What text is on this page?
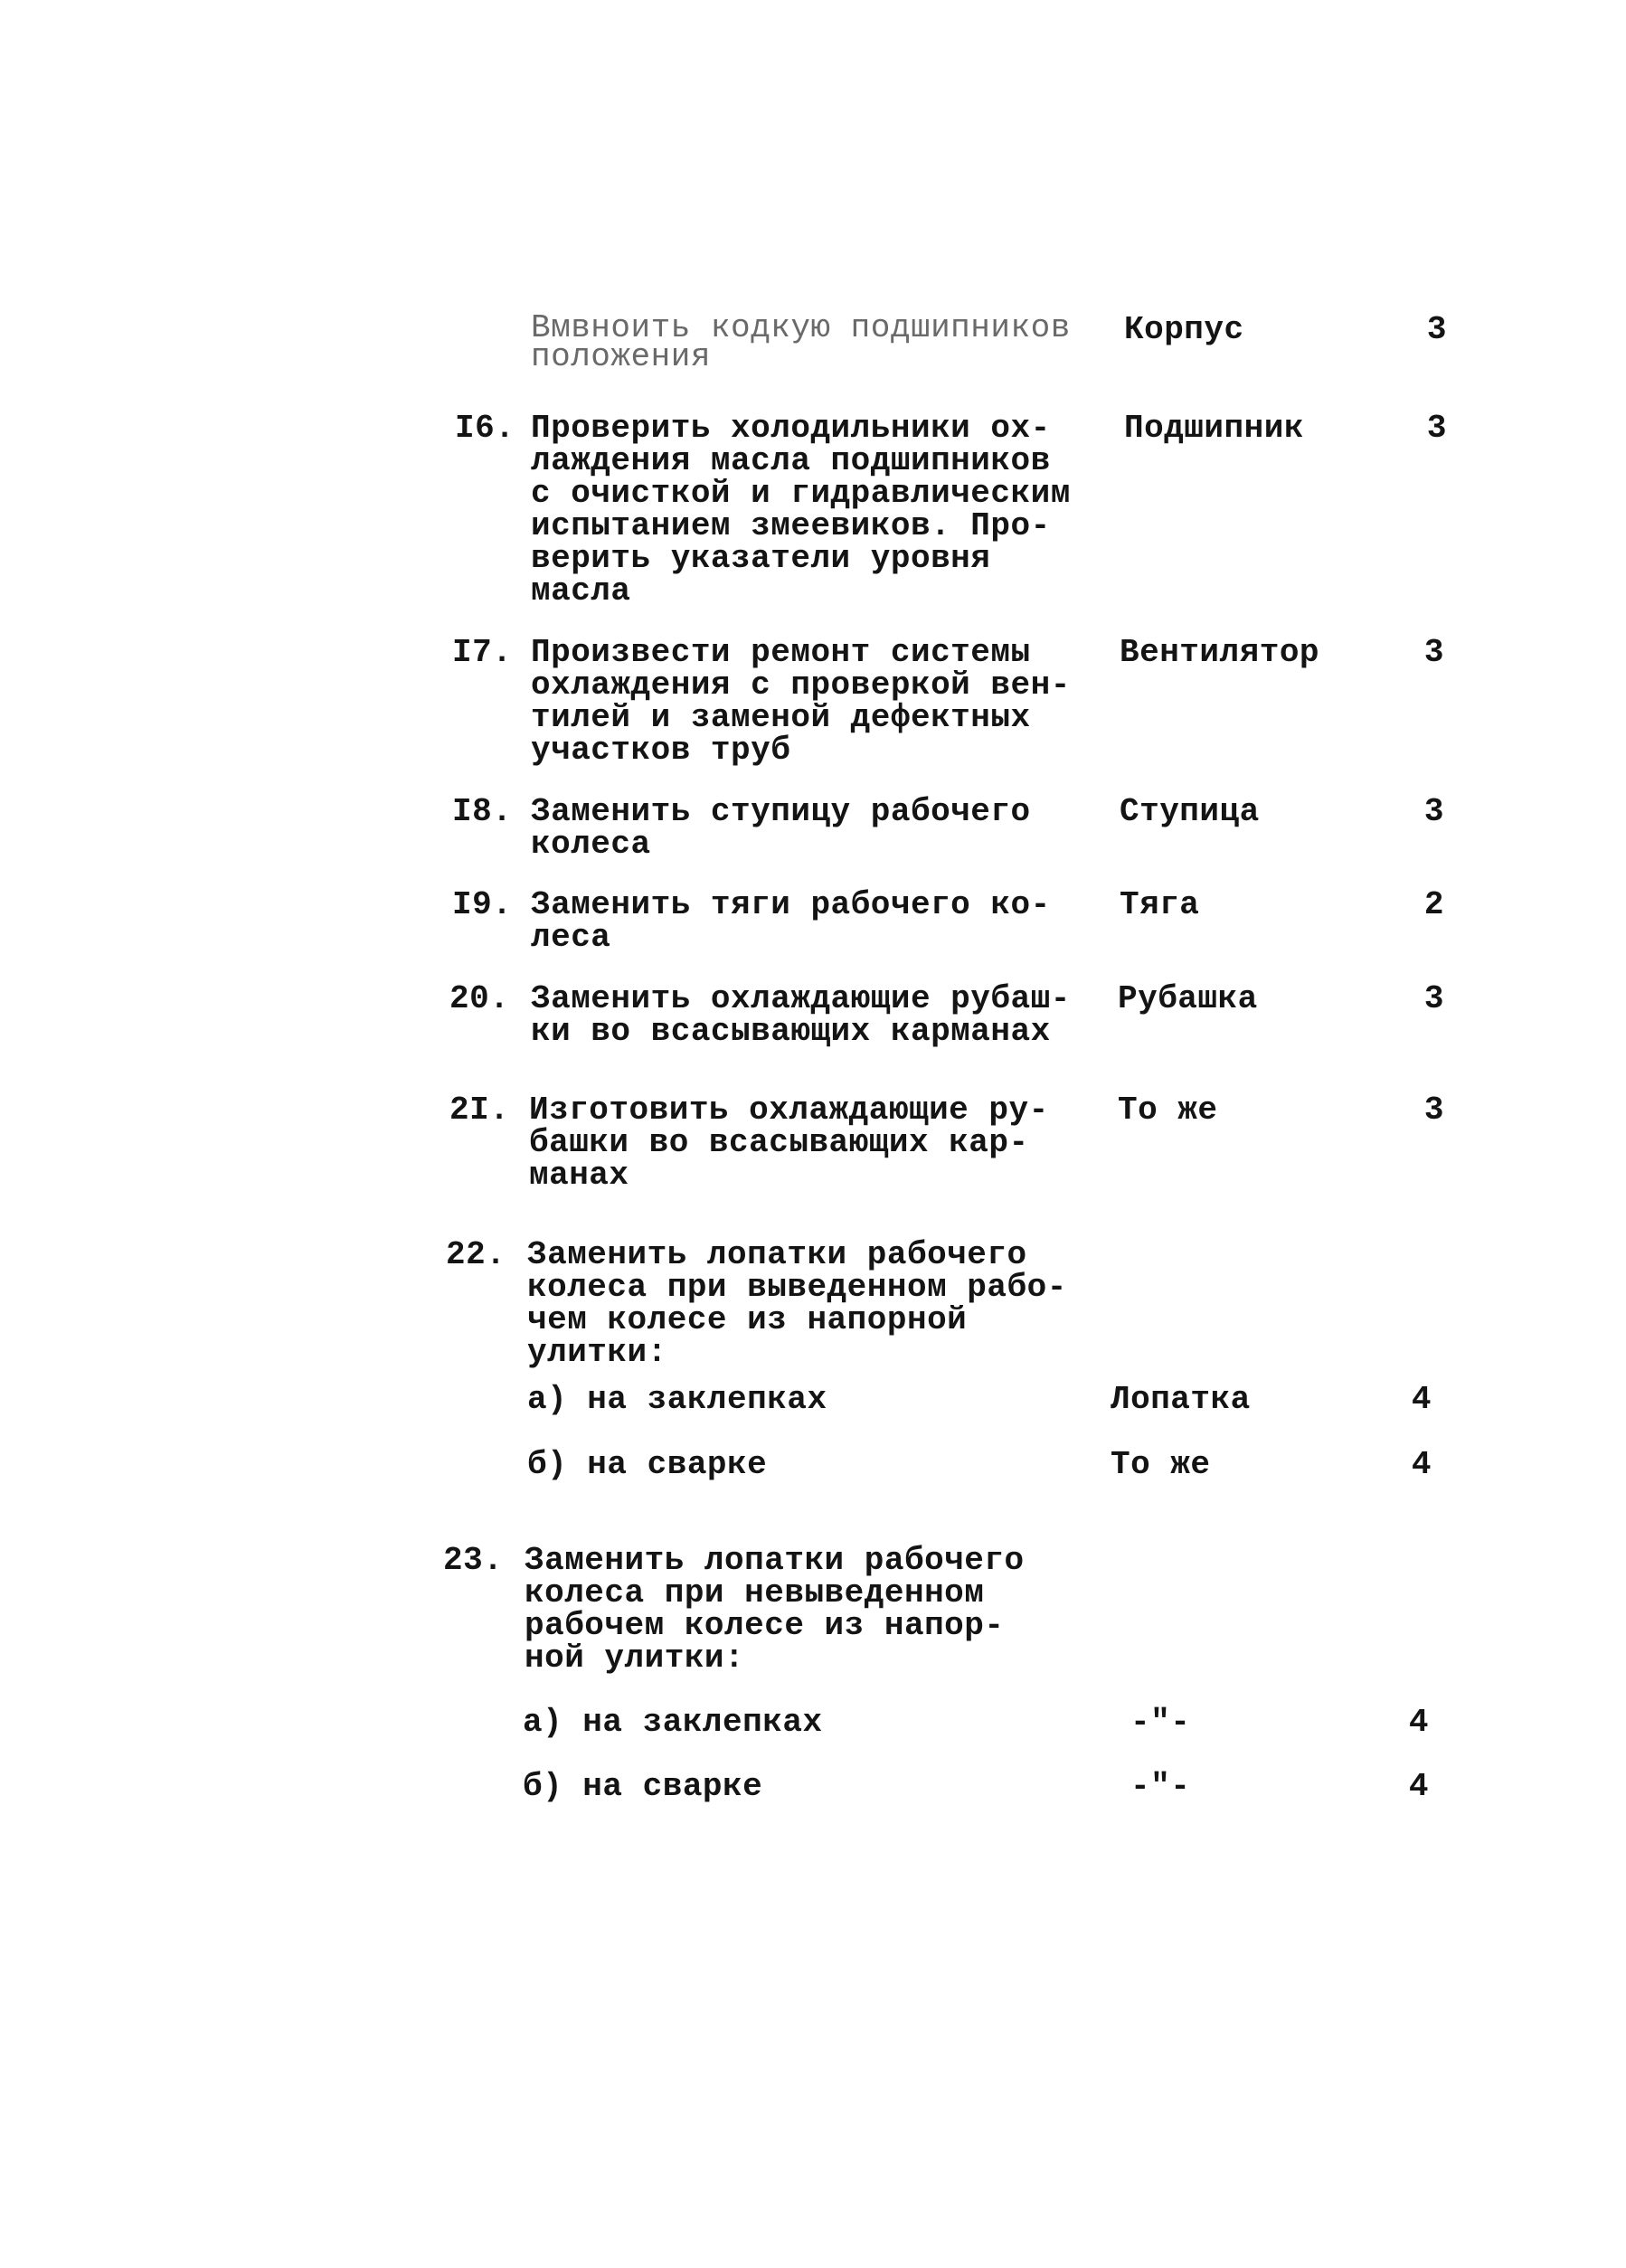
Вмвноить кодкую подшипников
положения
Корпус	3
I6. Проверить холодильники ох-
лаждения масла подшипников
с очисткой и гидравлическим
испытанием змеевиков. Про-
верить указатели уровня
масла
Подшипник	3
I7. Произвести ремонт системы
охлаждения с проверкой вен-
тилей и заменой дефектных
участков труб
Вентилятор	3
I8. Заменить ступицу рабочего
колеса
Ступица	3
I9. Заменить тяги рабочего ко-
леса
Тяга	2
20. Заменить охлаждающие рубаш-
ки во всасывающих карманах
Рубашка	3
2I. Изготовить охлаждающие ру-
башки во всасывающих кар-
манах
То же	3
22. Заменить лопатки рабочего
колеса при выведенном рабо-
чем колесе из напорной
улитки:
а) на заклепках	Лопатка	4
б) на сварке	То же	4
23. Заменить лопатки рабочего
колеса при невыведенном
рабочем колесе из напор-
ной улитки:
а) на заклепках	-"-	4
б) на сварке	-"-	4
